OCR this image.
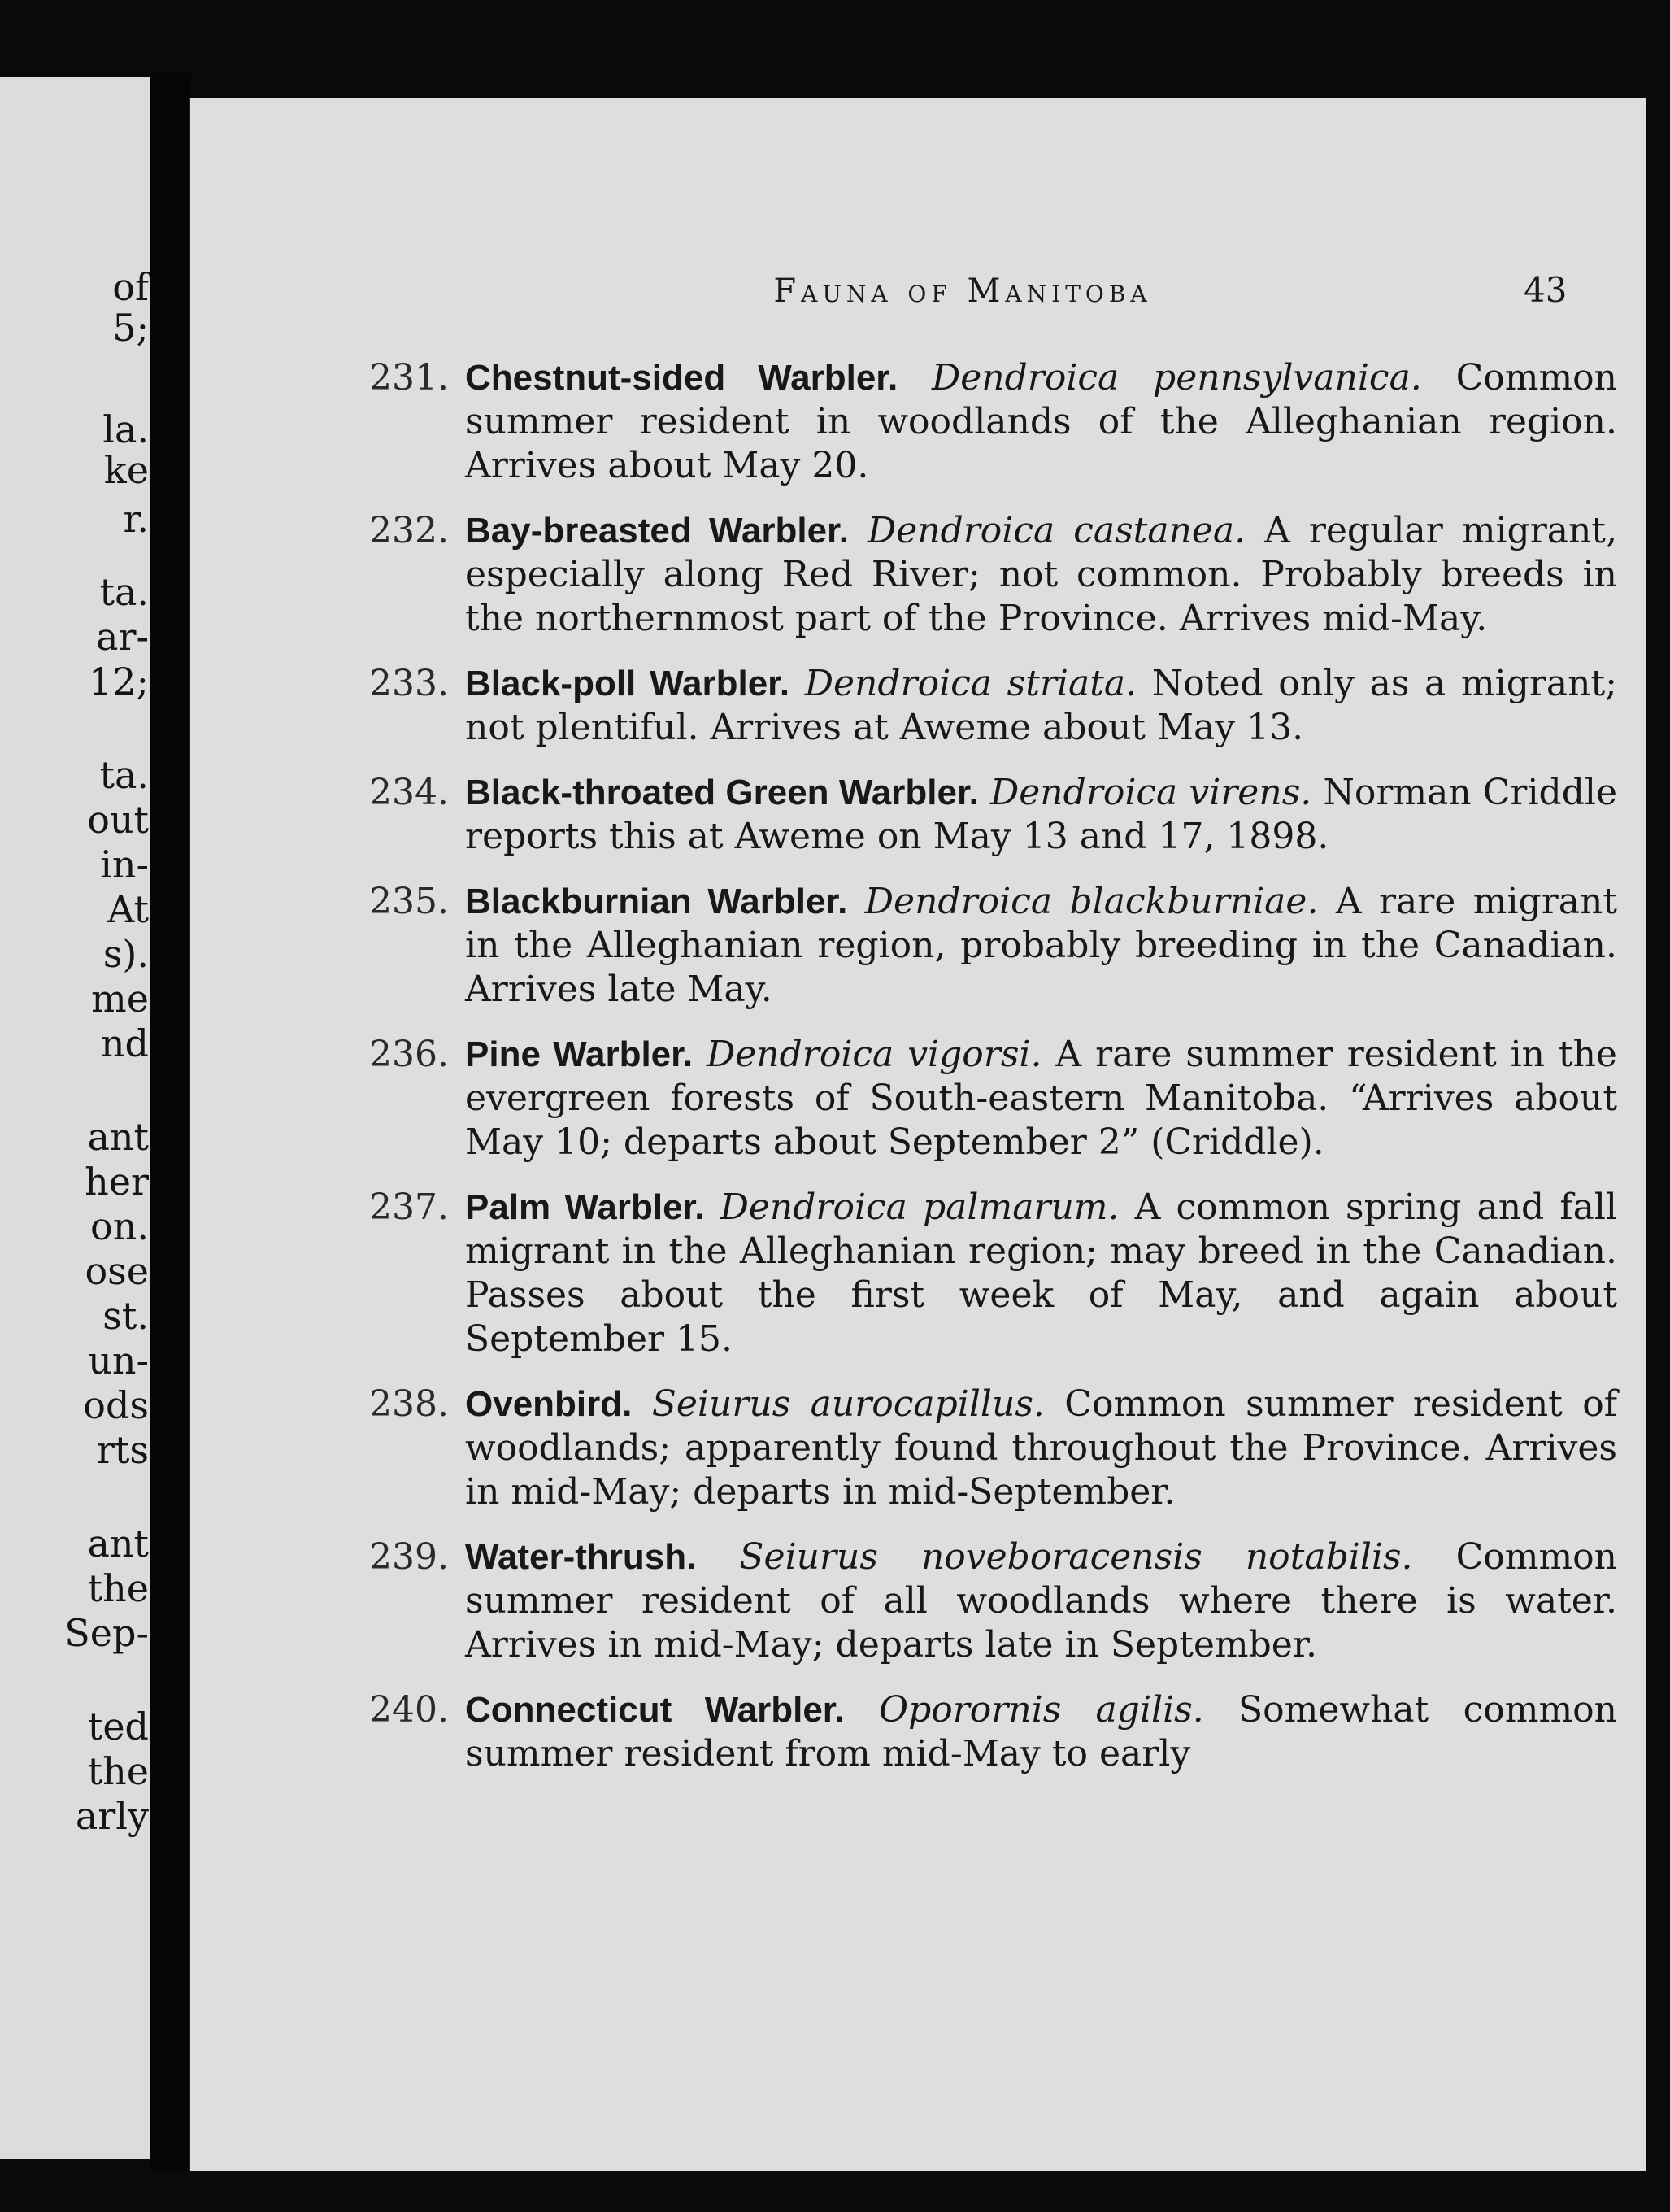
of
5;
la.
ke
r.
ta.
ar-
12;
ta.
out
in-
At
s).
me
nd
ant
her
on.
ose
st.
un-
ods
rts
ant
the
Sep-
ted
the
arly
Fauna of Manitoba	43
231. Chestnut-sided Warbler. Dendroica pennsylvanica. Common summer resident in woodlands of the Alleghanian region. Arrives about May 20.
232. Bay-breasted Warbler. Dendroica castanea. A regular migrant, especially along Red River; not common. Probably breeds in the northernmost part of the Province. Arrives mid-May.
233. Black-poll Warbler. Dendroica striata. Noted only as a migrant; not plentiful. Arrives at Aweme about May 13.
234. Black-throated Green Warbler. Dendroica virens. Norman Criddle reports this at Aweme on May 13 and 17, 1898.
235. Blackburnian Warbler. Dendroica blackburniae. A rare migrant in the Alleghanian region, probably breeding in the Canadian. Arrives late May.
236. Pine Warbler. Dendroica vigorsi. A rare summer resident in the evergreen forests of South-eastern Manitoba. “Arrives about May 10; departs about September 2” (Criddle).
237. Palm Warbler. Dendroica palmarum. A common spring and fall migrant in the Alleghanian region; may breed in the Canadian. Passes about the first week of May, and again about September 15.
238. Ovenbird. Seiurus aurocapillus. Common summer resident of woodlands; apparently found throughout the Province. Arrives in mid-May; departs in mid-September.
239. Water-thrush. Seiurus noveboracensis notabilis. Common summer resident of all woodlands where there is water. Arrives in mid-May; departs late in September.
240. Connecticut Warbler. Oporornis agilis. Somewhat common summer resident from mid-May to early
